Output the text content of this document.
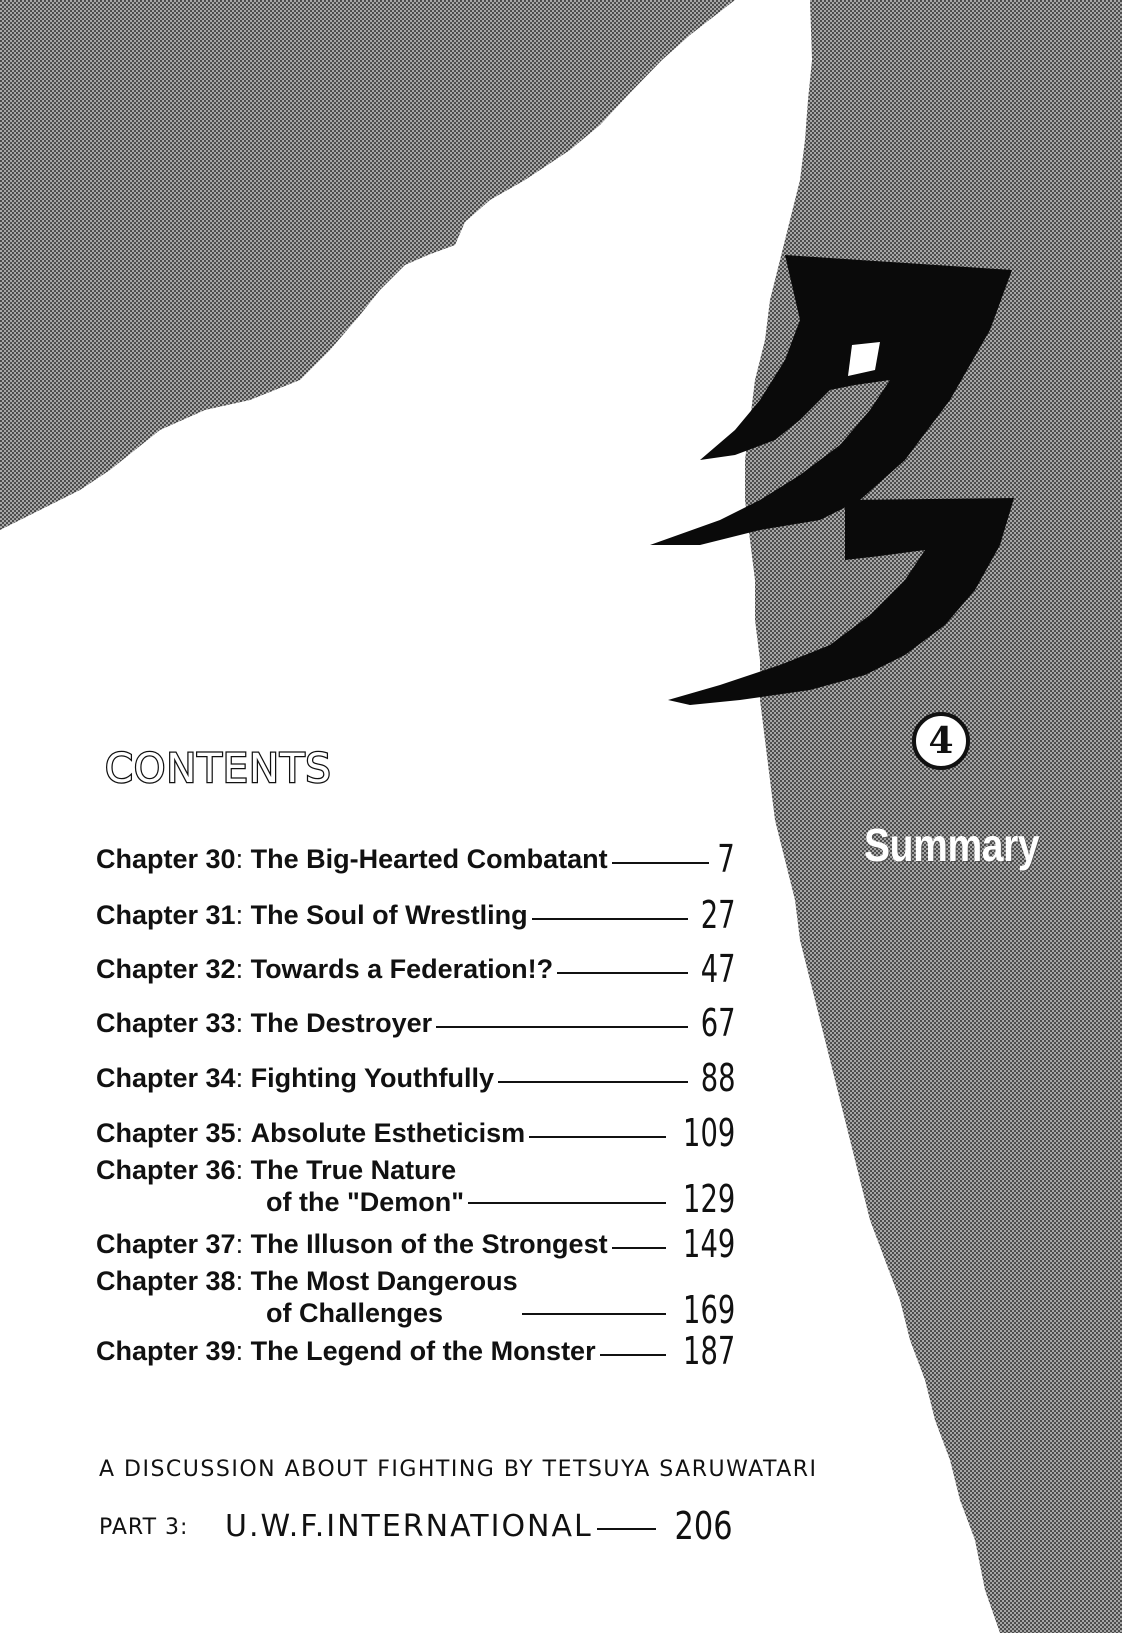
4
Summary
CONTENTS
Chapter 30: The Big-Hearted Combatant	7
Chapter 31: The Soul of Wrestling	27
Chapter 32: Towards a Federation!?	47
Chapter 33: The Destroyer	67
Chapter 34: Fighting Youthfully	88
Chapter 35: Absolute Estheticism	109
Chapter 36: The True Nature
of the "Demon"	129
Chapter 37: The Illuson of the Strongest 149
Chapter 38: The Most Dangerous
of Challenges	169
Chapter 39: The Legend of the Monster 187
A DISCUSSION ABOUT FIGHTING BY TETSUYA SARUWATARI
PART 3:	U.W.F.INTERNATIONAL 206
